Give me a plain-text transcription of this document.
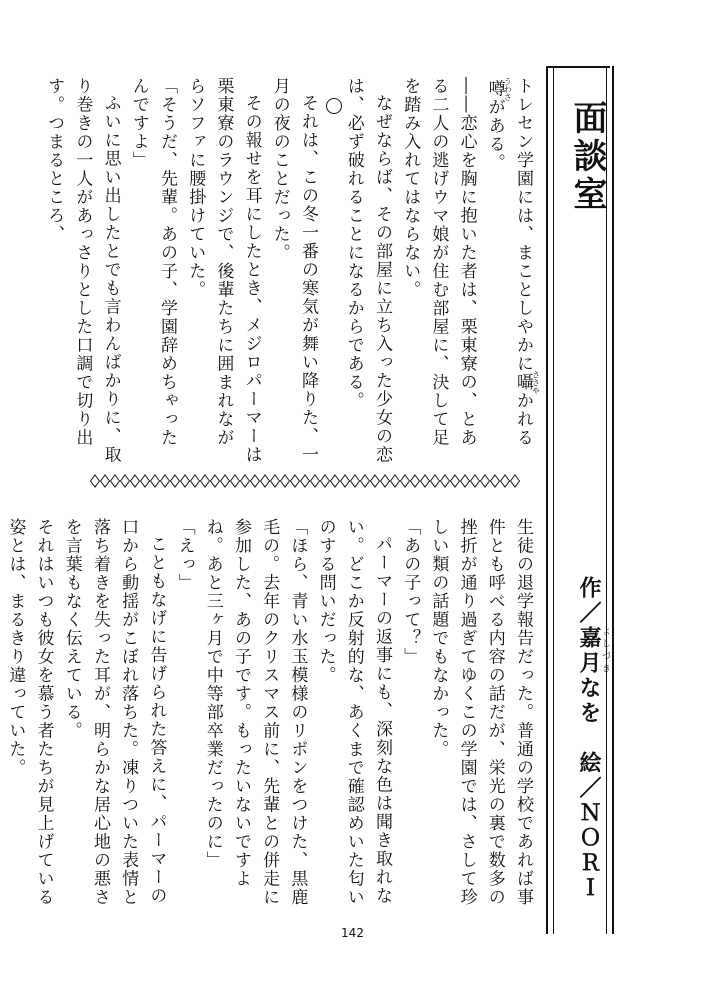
面談室
作／嘉月よしづきなを　絵／ＮＯＲＩ

トレセン学園には、まことしやかに囁ささやかれる噂うわさがある。

――恋心を胸に抱いた者は、栗東寮の、とある二人の逃げウマ娘が住む部屋に、決して足を踏み入れてはならない。

なぜならば、その部屋に立ち入った少女の恋は、必ず破れることになるからである。

それは、この冬一番の寒気が舞い降りた、一月の夜のことだった。

その報せを耳にしたとき、メジロパーマーは栗東寮のラウンジで、後輩たちに囲まれながらソファに腰掛けていた。

「そうだ、先輩。あの子、学園辞めちゃったんですよ」

ふいに思い出したとでも言わんばかりに、取り巻きの一人があっさりとした口調で切り出す。つまるところ、

生徒の退学報告だった。普通の学校であれば事件とも呼べる内容の話だが、栄光の裏で数多の挫折が通り過ぎてゆくこの学園では、さして珍しい類の話題でもなかった。

「あの子って？」

パーマーの返事にも、深刻な色は聞き取れない。どこか反射的な、あくまで確認めいた匂いのする問いだった。

「ほら、青い水玉模様のリボンをつけた、黒鹿毛の。去年のクリスマス前に、先輩との併走に参加した、あの子です。もったいないですよね。あと三ヶ月で中等部卒業だったのに」

「えっ」

こともなげに告げられた答えに、パーマーの口から動揺がこぼれ落ちた。凍りついた表情と落ち着きを失った耳が、明らかな居心地の悪さを言葉もなく伝えている。

それはいつも彼女を慕う者たちが見上げている姿とは、まるきり違っていた。

142
